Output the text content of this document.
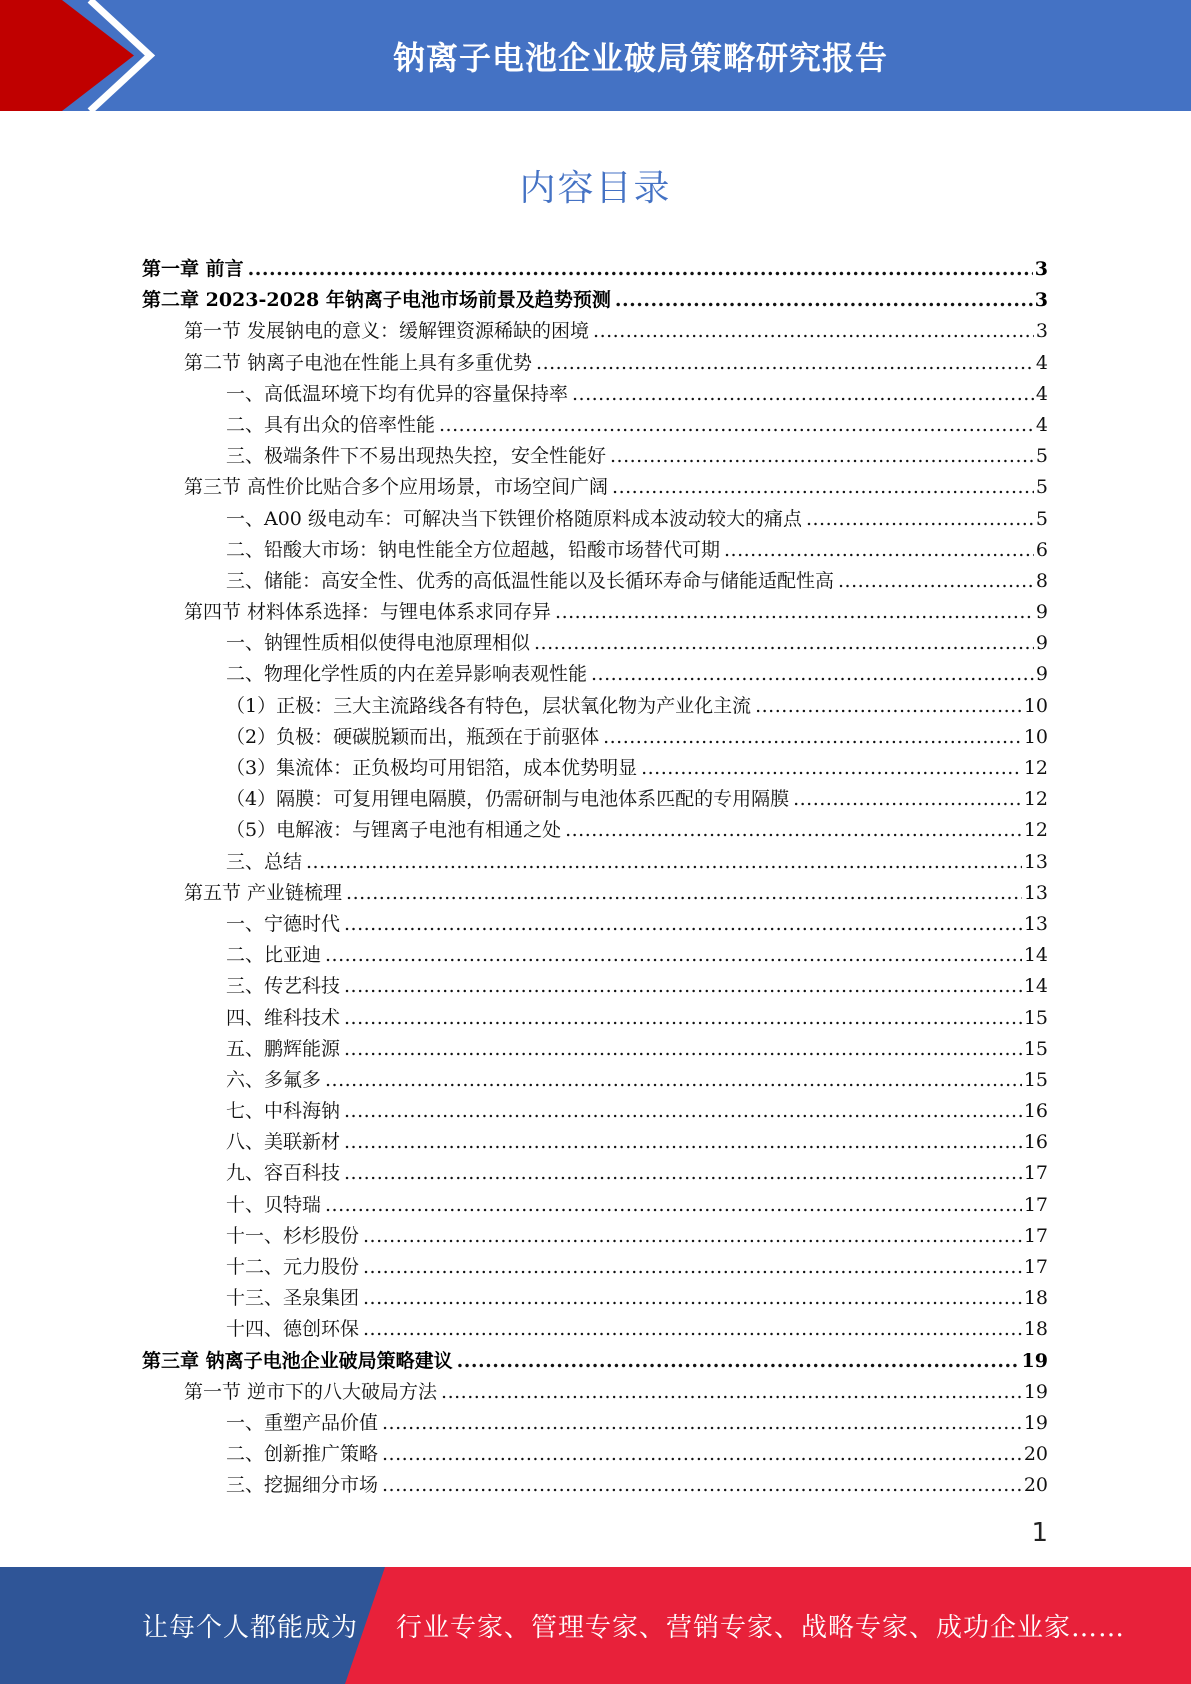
钠离子电池企业破局策略研究报告
内容目录
第一章 前言 .....	3
第二章 2023-2028 年钠离子电池市场前景及趋势预测 .....	3
第一节 发展钠电的意义：缓解锂资源稀缺的困境 .....	3
第二节 钠离子电池在性能上具有多重优势 .....	4
一、高低温环境下均有优异的容量保持率 .....	4
二、具有出众的倍率性能 .....	4
三、极端条件下不易出现热失控，安全性能好 .....	5
第三节 高性价比贴合多个应用场景，市场空间广阔 .....	5
一、A00 级电动车：可解决当下铁锂价格随原料成本波动较大的痛点 .....	5
二、铅酸大市场：钠电性能全方位超越，铅酸市场替代可期 .....	6
三、储能：高安全性、优秀的高低温性能以及长循环寿命与储能适配性高 .....	8
第四节 材料体系选择：与锂电体系求同存异 .....	9
一、钠锂性质相似使得电池原理相似 .....	9
二、物理化学性质的内在差异影响表观性能 .....	9
（1）正极：三大主流路线各有特色，层状氧化物为产业化主流 .....	10
（2）负极：硬碳脱颖而出，瓶颈在于前驱体 .....	10
（3）集流体：正负极均可用铝箔，成本优势明显 .....	12
（4）隔膜：可复用锂电隔膜，仍需研制与电池体系匹配的专用隔膜 .....	12
（5）电解液：与锂离子电池有相通之处 .....	12
三、总结 .....	13
第五节 产业链梳理 .....	13
一、宁德时代 .....	13
二、比亚迪 .....	14
三、传艺科技 .....	14
四、维科技术 .....	15
五、鹏辉能源 .....	15
六、多氟多 .....	15
七、中科海钠 .....	16
八、美联新材 .....	16
九、容百科技 .....	17
十、贝特瑞 .....	17
十一、杉杉股份 .....	17
十二、元力股份 .....	17
十三、圣泉集团 .....	18
十四、德创环保 .....	18
第三章 钠离子电池企业破局策略建议 .....	19
第一节 逆市下的八大破局方法 .....	19
一、重塑产品价值 .....	19
二、创新推广策略 .....	20
三、挖掘细分市场 .....	20
1
让每个人都能成为 行业专家、管理专家、营销专家、战略专家、成功企业家……
